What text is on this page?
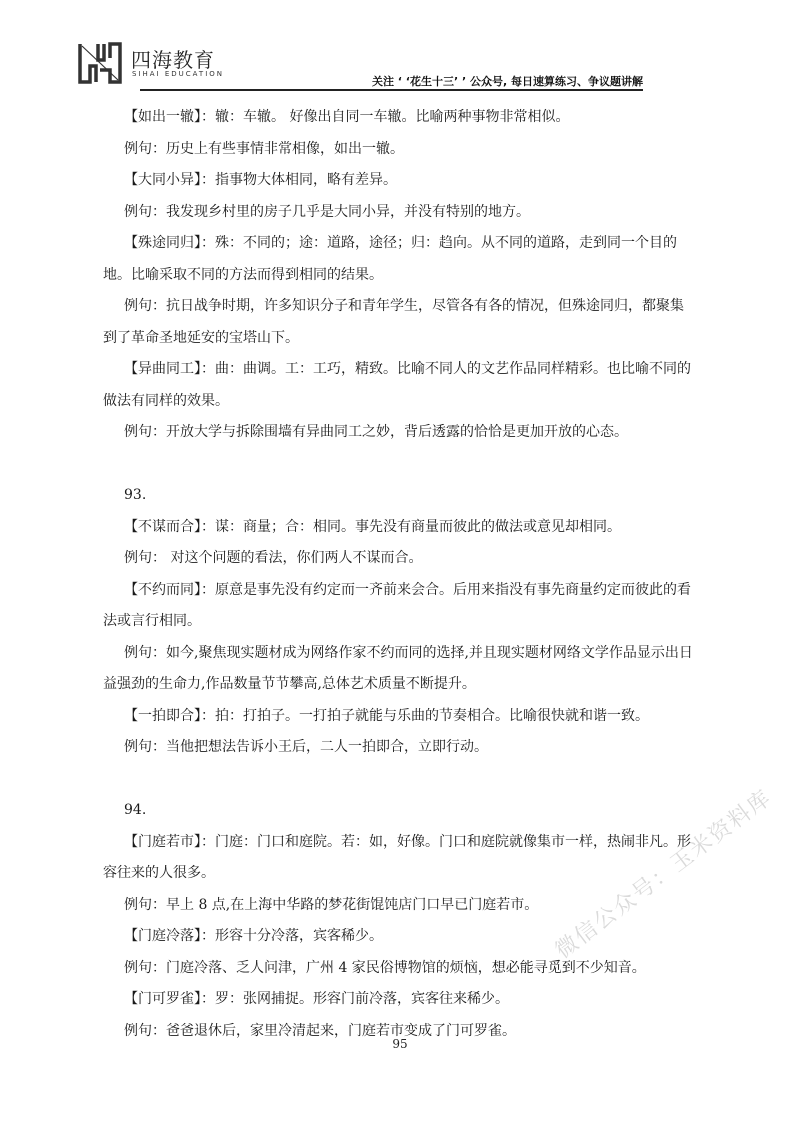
四海教育
SIHAI EDUCATION
关注 ‘ ‘花生十三’ ’ 公众号, 每日速算练习、争议题讲解

【如出一辙】：辙：车辙。 好像出自同一车辙。比喻两种事物非常相似。

例句：历史上有些事情非常相像，如出一辙。

【大同小异】：指事物大体相同，略有差异。

例句：我发现乡村里的房子几乎是大同小异，并没有特别的地方。

【殊途同归】：殊：不同的；途：道路，途径；归：趋向。从不同的道路，走到同一个目的地。比喻采取不同的方法而得到相同的结果。

例句：抗日战争时期，许多知识分子和青年学生，尽管各有各的情况，但殊途同归，都聚集到了革命圣地延安的宝塔山下。

【异曲同工】：曲：曲调。工：工巧，精致。比喻不同人的文艺作品同样精彩。也比喻不同的做法有同样的效果。

例句：开放大学与拆除围墙有异曲同工之妙，背后透露的恰恰是更加开放的心态。

93.

【不谋而合】：谋：商量；合：相同。事先没有商量而彼此的做法或意见却相同。

例句： 对这个问题的看法，你们两人不谋而合。

【不约而同】：原意是事先没有约定而一齐前来会合。后用来指没有事先商量约定而彼此的看法或言行相同。

例句：如今,聚焦现实题材成为网络作家不约而同的选择,并且现实题材网络文学作品显示出日益强劲的生命力,作品数量节节攀高,总体艺术质量不断提升。

【一拍即合】：拍：打拍子。一打拍子就能与乐曲的节奏相合。比喻很快就和谐一致。

例句：当他把想法告诉小王后，二人一拍即合，立即行动。

94.

【门庭若市】：门庭：门口和庭院。若：如，好像。门口和庭院就像集市一样，热闹非凡。形容往来的人很多。

例句：早上 8 点,在上海中华路的梦花街馄饨店门口早已门庭若市。

【门庭冷落】：形容十分冷落，宾客稀少。

例句：门庭冷落、乏人问津，广州 4 家民俗博物馆的烦恼，想必能寻觅到不少知音。

【门可罗雀】：罗：张网捕捉。形容门前冷落，宾客往来稀少。

例句：爸爸退休后，家里冷清起来，门庭若市变成了门可罗雀。

95
微信公众号：玉米资料库
